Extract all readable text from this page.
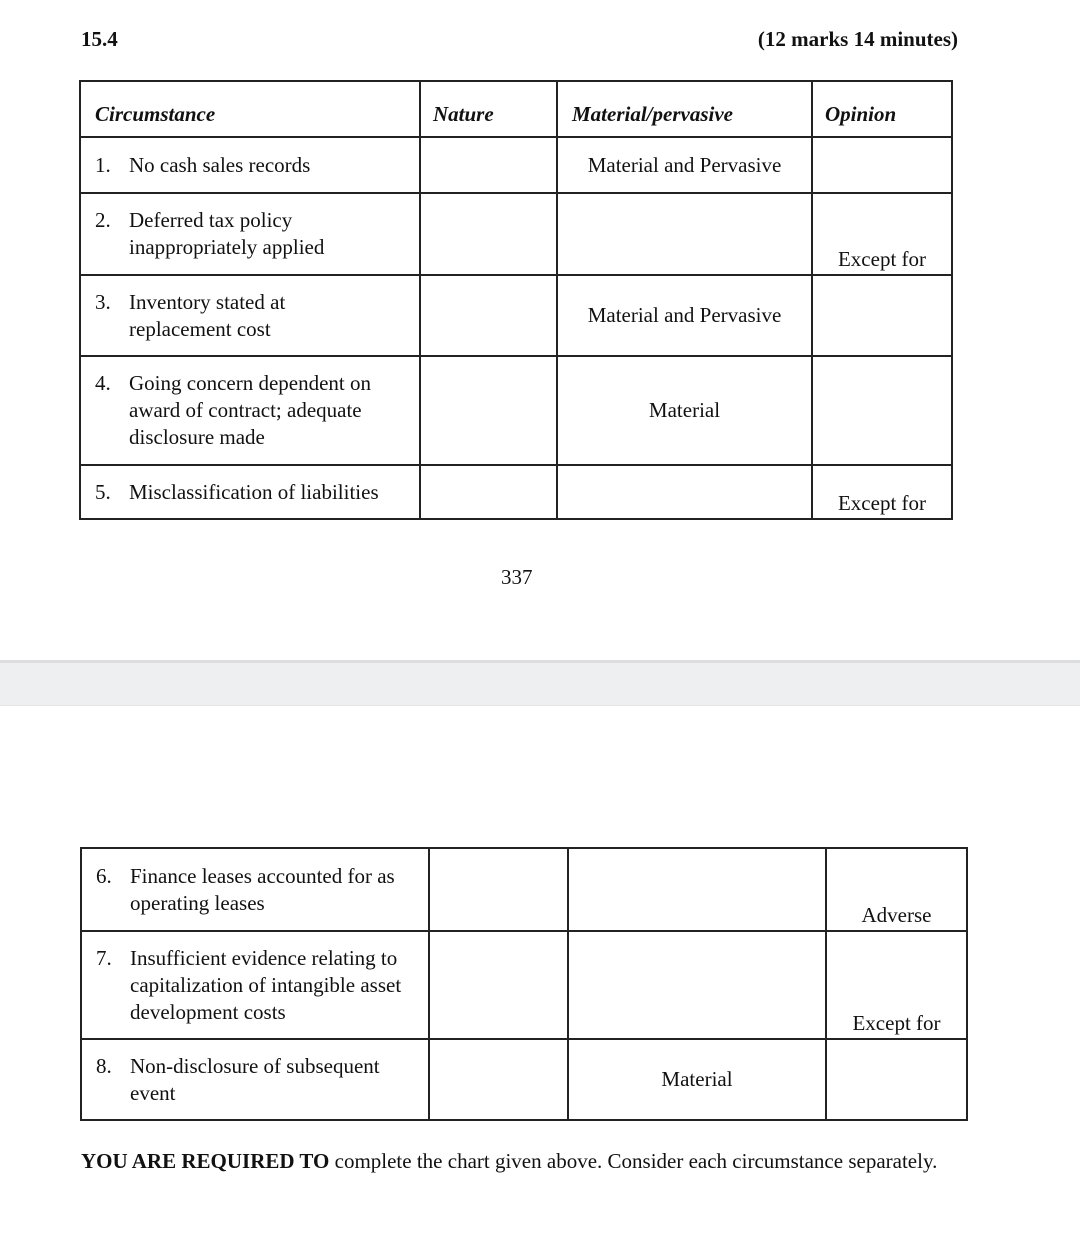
15.4	(12 marks 14 minutes)
Circumstance	Nature	Material/pervasive	Opinion

1. No cash sales records		Material and Pervasive	

2. Deferred tax policy inappropriately applied			Except for

3. Inventory stated at replacement cost		Material and Pervasive	

4. Going concern dependent on award of contract; adequate disclosure made		Material	

5. Misclassification of liabilities			Except for
337
6. Finance leases accounted for as operating leases			Adverse

7. Insufficient evidence relating to capitalization of intangible asset development costs			Except for

8. Non-disclosure of subsequent event		Material	
YOU ARE REQUIRED TO complete the chart given above. Consider each circumstance separately.
